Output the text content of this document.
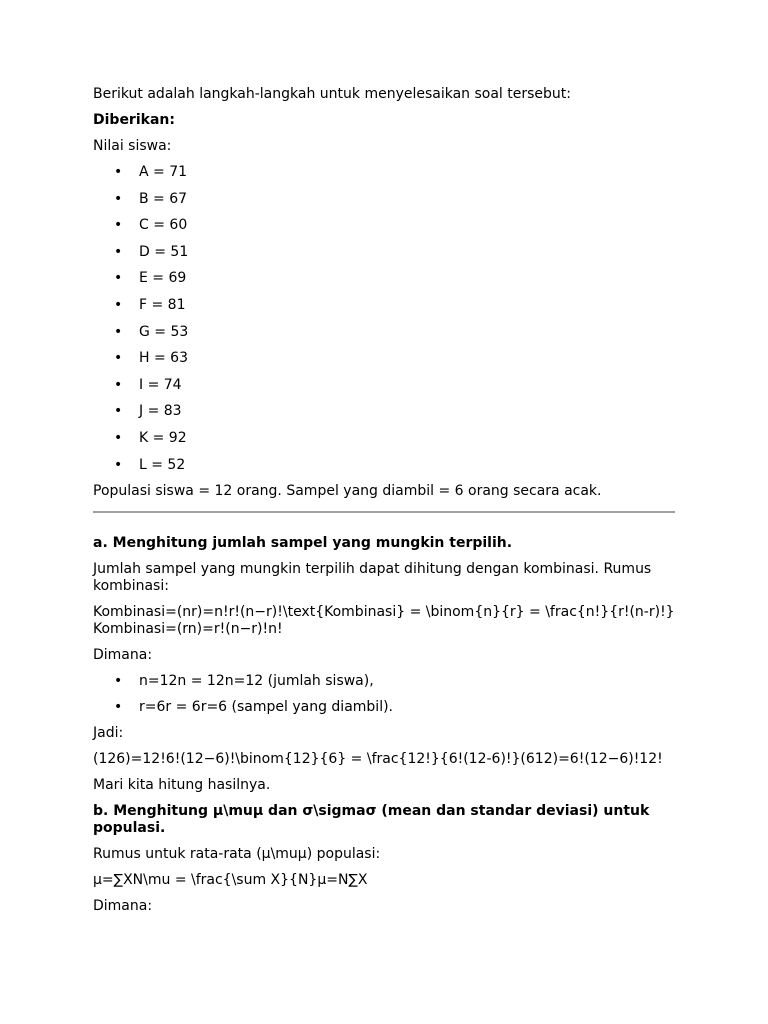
Berikut adalah langkah-langkah untuk menyelesaikan soal tersebut:

Diberikan:

Nilai siswa:

• A = 71
• B = 67
• C = 60
• D = 51
• E = 69
• F = 81
• G = 53
• H = 63
• I = 74
• J = 83
• K = 92
• L = 52

Populasi siswa = 12 orang. Sampel yang diambil = 6 orang secara acak.

a. Menghitung jumlah sampel yang mungkin terpilih.

Jumlah sampel yang mungkin terpilih dapat dihitung dengan kombinasi. Rumus kombinasi:

Kombinasi=(nr)=n!r!(n−r)!\text{Kombinasi} = \binom{n}{r} = \frac{n!}{r!(n-r)!}Kombinasi=(rn)=r!(n−r)!n!

Dimana:

• n=12n = 12n=12 (jumlah siswa),
• r=6r = 6r=6 (sampel yang diambil).

Jadi:

(126)=12!6!(12−6)!\binom{12}{6} = \frac{12!}{6!(12-6)!}(612)=6!(12−6)!12!

Mari kita hitung hasilnya.

b. Menghitung μ\muμ dan σ\sigmaσ (mean dan standar deviasi) untuk populasi.

Rumus untuk rata-rata (μ\muμ) populasi:

μ=∑XN\mu = \frac{\sum X}{N}μ=N∑X

Dimana:
